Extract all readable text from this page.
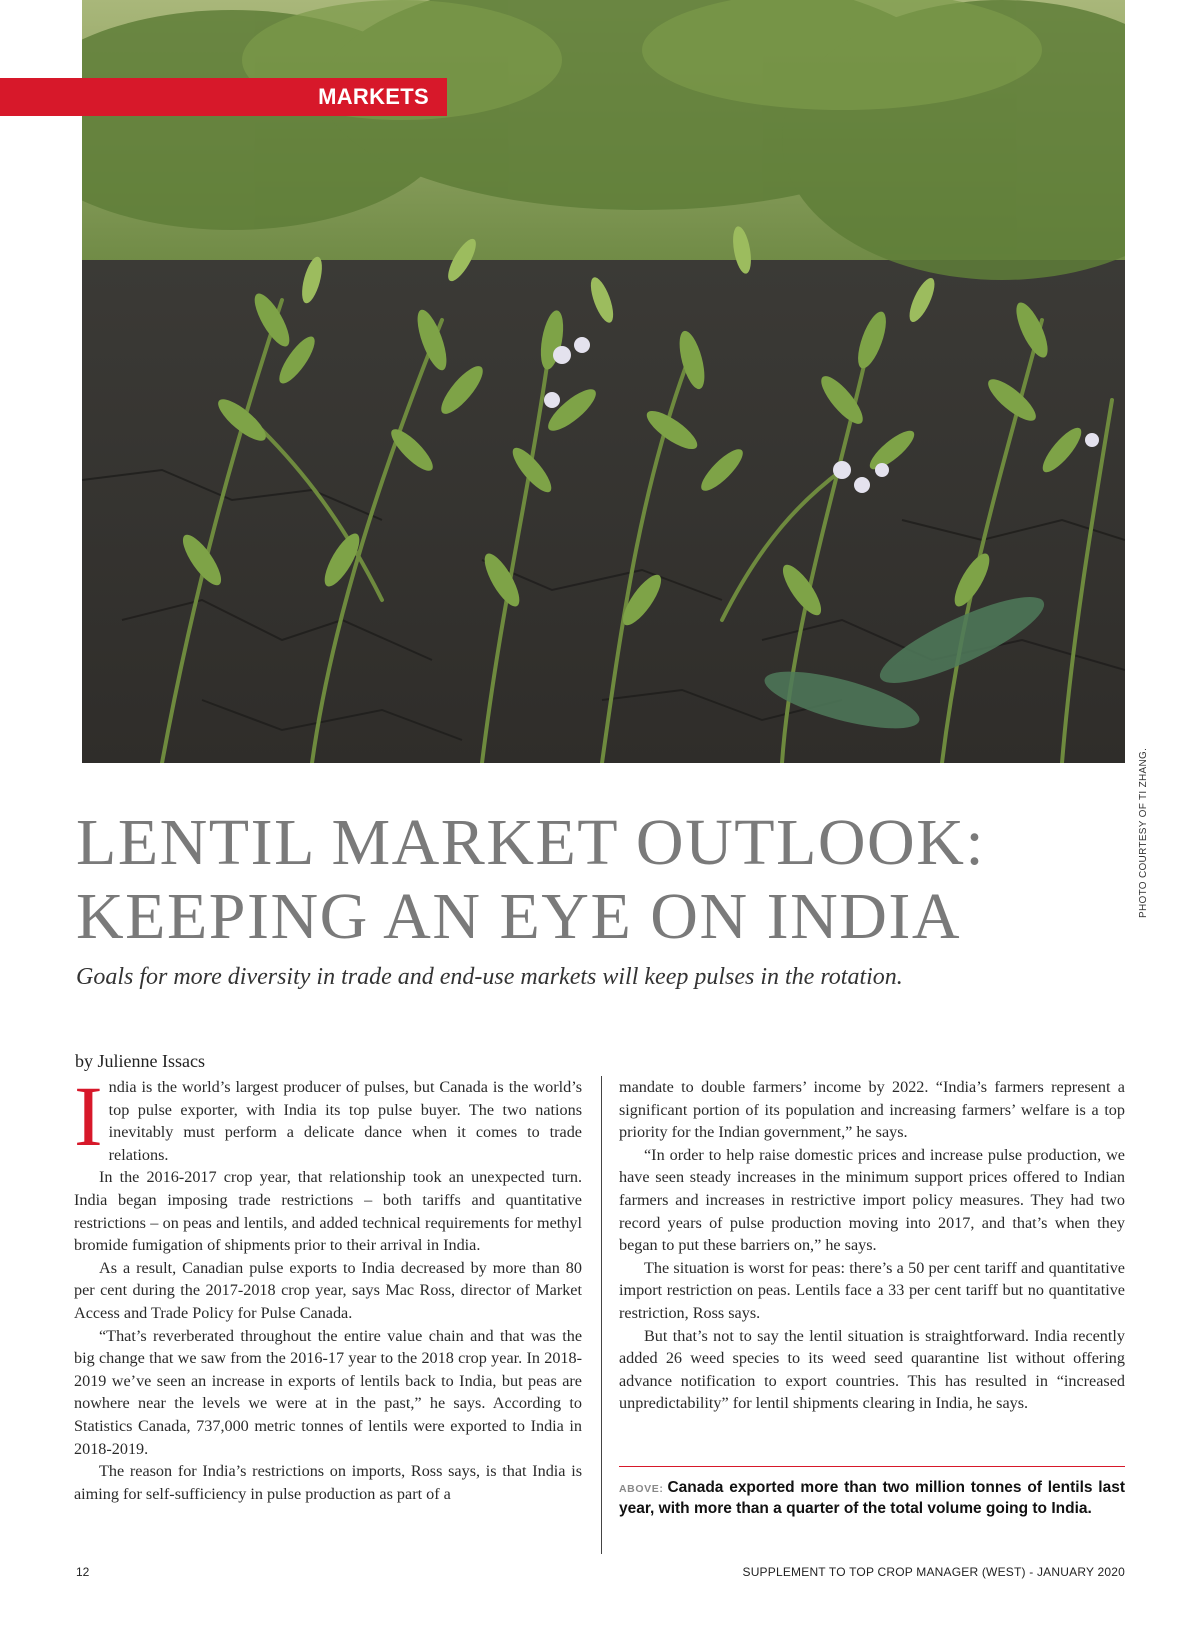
MARKETS
PHOTO COURTESY OF TI ZHANG.
LENTIL MARKET OUTLOOK:
KEEPING AN EYE ON INDIA
Goals for more diversity in trade and end-use markets will keep pulses in the rotation.
by Julienne Issacs

India is the world’s largest producer of pulses, but Canada is the world’s top pulse exporter, with India its top pulse buyer. The two nations inevitably must perform a delicate dance when it comes to trade relations.

In the 2016-2017 crop year, that relationship took an unexpected turn. India began imposing trade restrictions – both tariffs and quantitative restrictions – on peas and lentils, and added technical requirements for methyl bromide fumigation of shipments prior to their arrival in India.

As a result, Canadian pulse exports to India decreased by more than 80 per cent during the 2017-2018 crop year, says Mac Ross, director of Market Access and Trade Policy for Pulse Canada.

“That’s reverberated throughout the entire value chain and that was the big change that we saw from the 2016-17 year to the 2018 crop year. In 2018-2019 we’ve seen an increase in exports of lentils back to India, but peas are nowhere near the levels we were at in the past,” he says. According to Statistics Canada, 737,000 metric tonnes of lentils were exported to India in 2018-2019.

The reason for India’s restrictions on imports, Ross says, is that India is aiming for self-sufficiency in pulse production as part of a

mandate to double farmers’ income by 2022. “India’s farmers represent a significant portion of its population and increasing farmers’ welfare is a top priority for the Indian government,” he says.

“In order to help raise domestic prices and increase pulse production, we have seen steady increases in the minimum support prices offered to Indian farmers and increases in restrictive import policy measures. They had two record years of pulse production moving into 2017, and that’s when they began to put these barriers on,” he says.

The situation is worst for peas: there’s a 50 per cent tariff and quantitative import restriction on peas. Lentils face a 33 per cent tariff but no quantitative restriction, Ross says.

But that’s not to say the lentil situation is straightforward. India recently added 26 weed species to its weed seed quarantine list without offering advance notification to export countries. This has resulted in “increased unpredictability” for lentil shipments clearing in India, he says.

ABOVE: Canada exported more than two million tonnes of lentils last year, with more than a quarter of the total volume going to India.
12	SUPPLEMENT TO TOP CROP MANAGER (WEST) - JANUARY 2020
